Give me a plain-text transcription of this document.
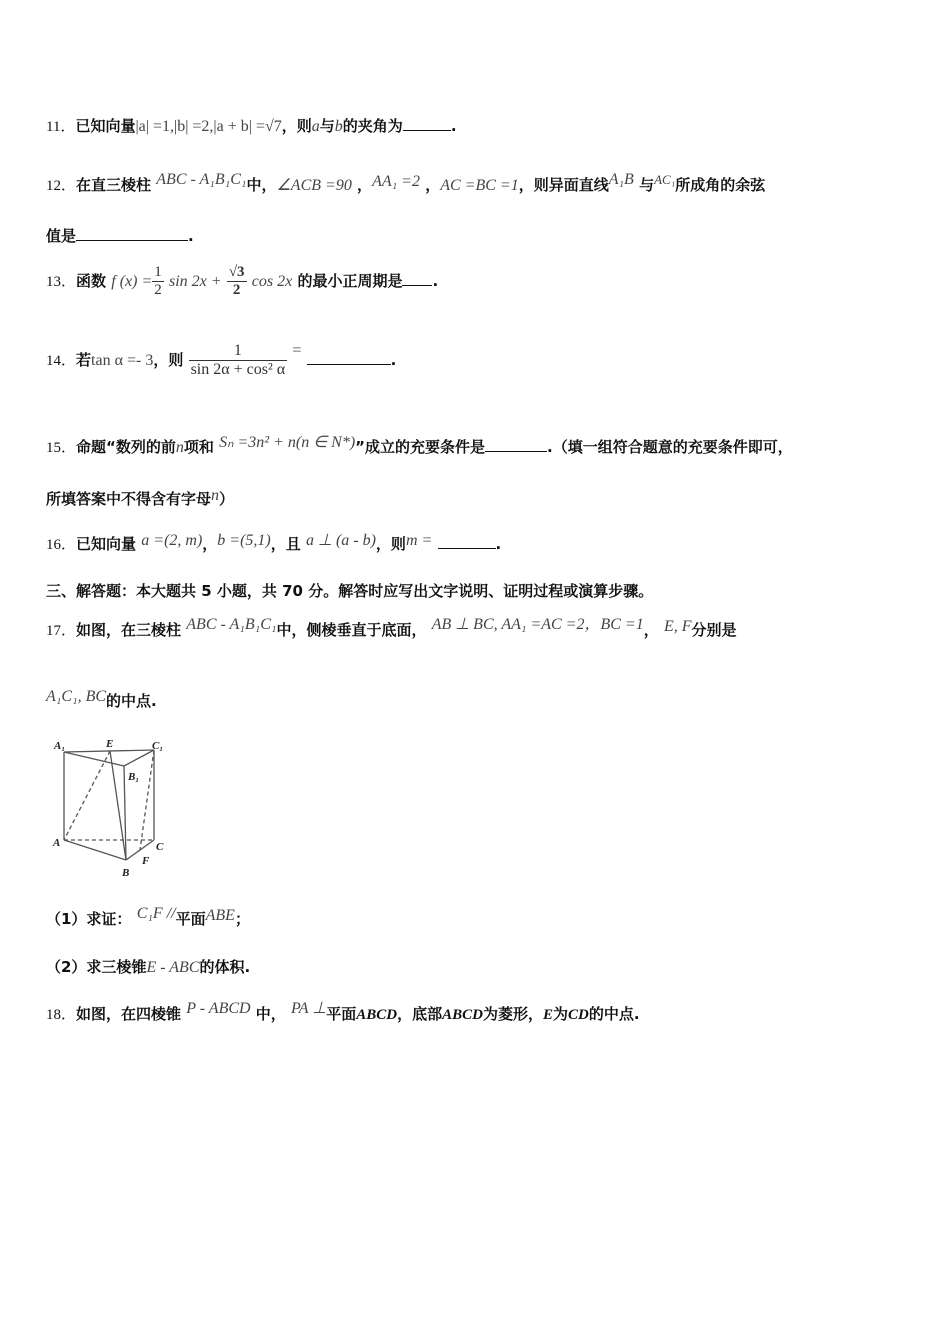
11．已知向量|a| =1,|b| =2,|a + b| =√7，则a与b的夹角为	.
12．在直三棱柱 ABC - A₁B₁C₁中，∠ACB =90 ，AA₁ =2 ，AC =BC =1，则异面直线A₁B 与AC₁所成角的余弦
值是	.
13．函数 f $(x) = \frac{1}{2}$ $\sin 2x + \frac{√3}{2}$ cos 2x 的最小正周期是 .
14．若tan α =- 3，则 $\frac{1}{\text{sin 2α + cos² α}}$ = .
15．命题“数列的前n项和 Sₙ =3n² + n(n ∈ N*)”成立的充要条件是	.（填一组符合题意的充要条件即可，
所填答案中不得含有字母n）
16．已知向量 a =(2, m)，b =(5,1)，且 a ⊥ (a - b)，则m =	.
三、解答题：本大题共 5 小题，共 70 分。解答时应写出文字说明、证明过程或演算步骤。
17．如图，在三棱柱 ABC - A₁B₁C₁中，侧棱垂直于底面， AB ⊥ BC, AA₁ =AC =2，BC =1， E, F分别是
A₁C₁, BC的中点.
A₁	E	C₁
B₁
A	C
F
B
（1）求证： C₁F //平面ABE；
（2）求三棱锥E - ABC的体积.
18．如图，在四棱锥 P - ABCD 中， PA ⊥平面ABCD，底部ABCD为菱形，E为CD的中点.
